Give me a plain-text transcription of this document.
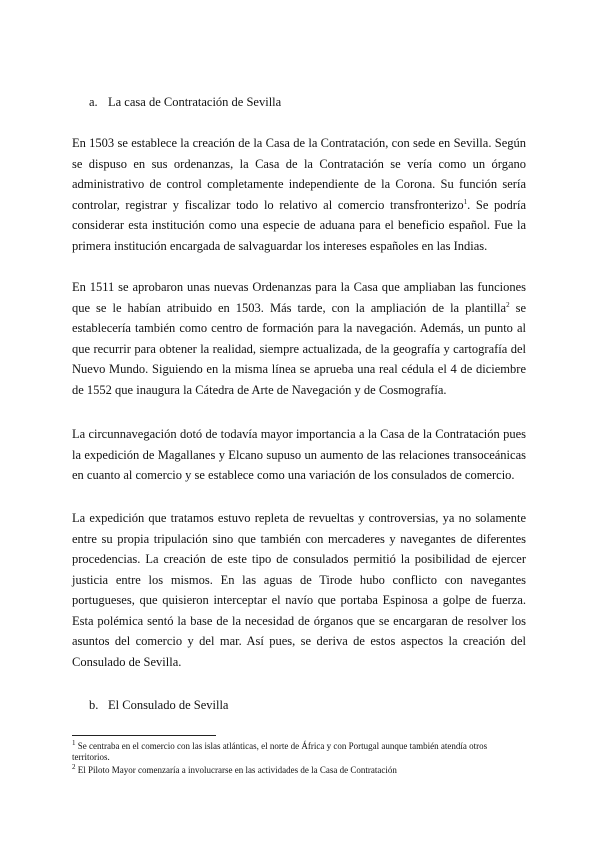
a. La casa de Contratación de Sevilla

En 1503 se establece la creación de la Casa de la Contratación, con sede en Sevilla. Según se dispuso en sus ordenanzas, la Casa de la Contratación se vería como un órgano administrativo de control completamente independiente de la Corona. Su función sería controlar, registrar y fiscalizar todo lo relativo al comercio transfronterizo$^1$. Se podría considerar esta institución como una especie de aduana para el beneficio español. Fue la primera institución encargada de salvaguardar los intereses españoles en las Indias.

En 1511 se aprobaron unas nuevas Ordenanzas para la Casa que ampliaban las funciones que se le habían atribuido en 1503. Más tarde, con la ampliación de la plantilla$^2$ se establecería también como centro de formación para la navegación. Además, un punto al que recurrir para obtener la realidad, siempre actualizada, de la geografía y cartografía del Nuevo Mundo. Siguiendo en la misma línea se aprueba una real cédula el 4 de diciembre de 1552 que inaugura la Cátedra de Arte de Navegación y de Cosmografía.

La circunnavegación dotó de todavía mayor importancia a la Casa de la Contratación pues la expedición de Magallanes y Elcano supuso un aumento de las relaciones transoceánicas en cuanto al comercio y se establece como una variación de los consulados de comercio.

La expedición que tratamos estuvo repleta de revueltas y controversias, ya no solamente entre su propia tripulación sino que también con mercaderes y navegantes de diferentes procedencias. La creación de este tipo de consulados permitió la posibilidad de ejercer justicia entre los mismos. En las aguas de Tirode hubo conflicto con navegantes portugueses, que quisieron interceptar el navío que portaba Espinosa a golpe de fuerza. Esta polémica sentó la base de la necesidad de órganos que se encargaran de resolver los asuntos del comercio y del mar. Así pues, se deriva de estos aspectos la creación del Consulado de Sevilla.

b. El Consulado de Sevilla

$^1$ Se centraba en el comercio con las islas atlánticas, el norte de África y con Portugal aunque también atendía otros territorios.

$^2$ El Piloto Mayor comenzaría a involucrarse en las actividades de la Casa de Contratación
